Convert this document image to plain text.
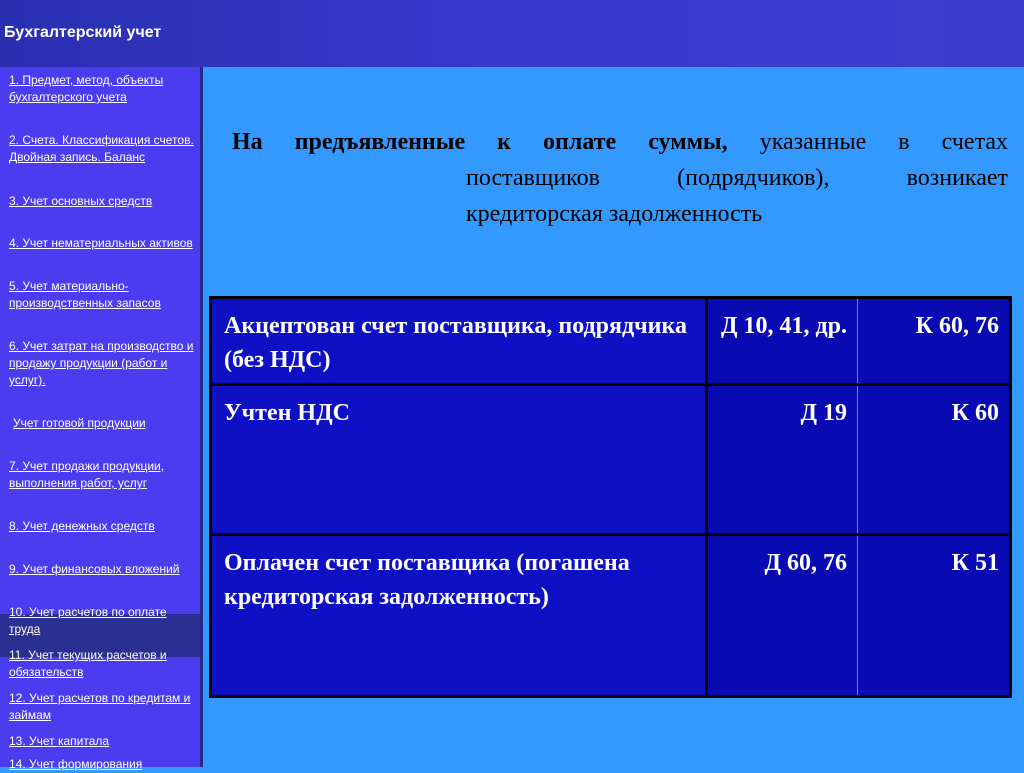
Бухгалтерский учет
1. Предмет, метод, объекты бухгалтерского учета
2. Счета. Классификация счетов. Двойная запись. Баланс
3. Учет основных средств
4. Учет нематериальных активов
5. Учет материально-производственных запасов
6. Учет затрат на производство и продажу продукции (работ и услуг).
Учет готовой продукции
7. Учет продажи продукции, выполнения работ, услуг
8. Учет денежных средств
9. Учет финансовых вложений
10. Учет расчетов по оплате труда
11. Учет текущих расчетов и обязательств
12. Учет расчетов по кредитам и займам
13. Учет капитала
14. Учет формирования

На предъявленные к оплате суммы, указанные в счетах
поставщиков (подрядчиков), возникает
кредиторская задолженность

Акцептован счет поставщика, подрядчика (без НДС)	Д 10, 41, др.	К 60, 76
Учтен НДС	Д 19	К 60
Оплачен счет поставщика (погашена кредиторская задолженность)	Д 60, 76	К 51
